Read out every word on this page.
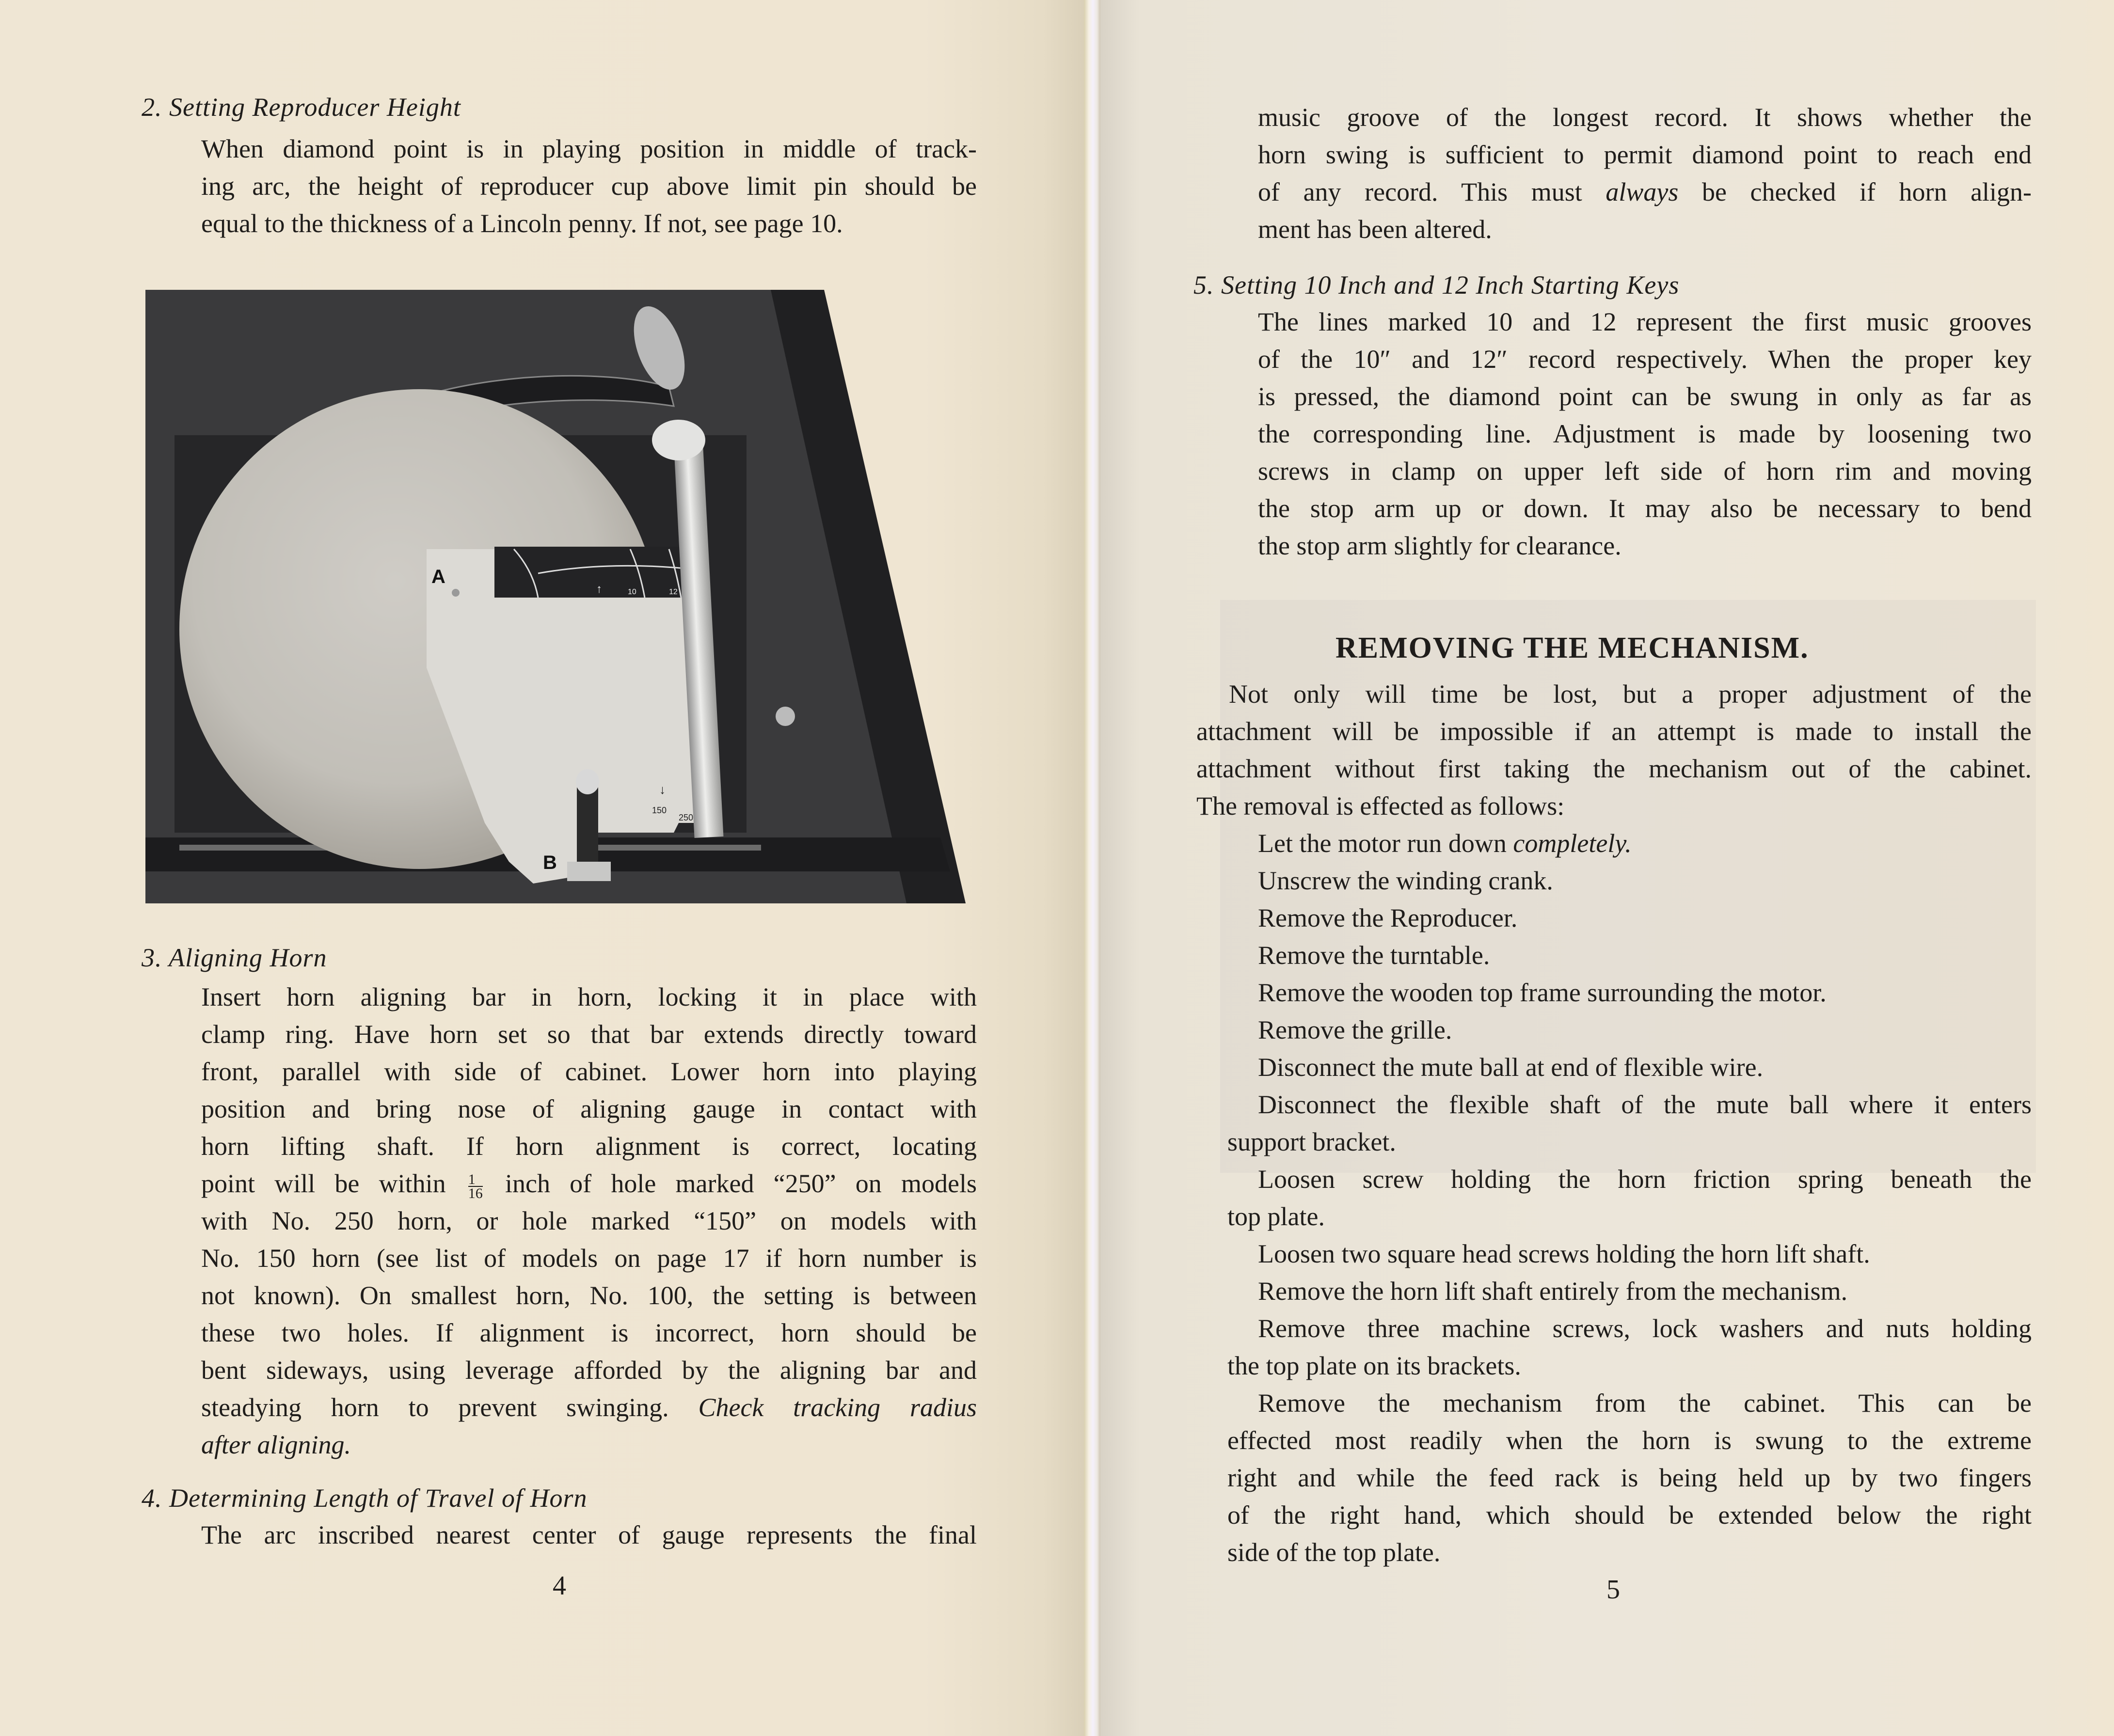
2. Setting Reproducer Height
When diamond point is in playing position in middle of track-
ing arc, the height of reproducer cup above limit pin should be
equal to the thickness of a Lincoln penny. If not, see page 10.
↑	10	12
A
B
150
250
↓
3. Aligning Horn
Insert horn aligning bar in horn, locking it in place with
clamp ring. Have horn set so that bar extends directly toward
front, parallel with side of cabinet. Lower horn into playing
position and bring nose of aligning gauge in contact with
horn lifting shaft. If horn alignment is correct, locating
point will be within $\frac{1}{16}$ inch of hole marked “250” on models
with No. 250 horn, or hole marked “150” on models with
No. 150 horn (see list of models on page 17 if horn number is
not known). On smallest horn, No. 100, the setting is between
these two holes. If alignment is incorrect, horn should be
bent sideways, using leverage afforded by the aligning bar and
steadying horn to prevent swinging. Check tracking radius
after aligning.
4. Determining Length of Travel of Horn
The arc inscribed nearest center of gauge represents the final
4
music groove of the longest record. It shows whether the
horn swing is sufficient to permit diamond point to reach end
of any record. This must always be checked if horn align-
ment has been altered.
5. Setting 10 Inch and 12 Inch Starting Keys
The lines marked 10 and 12 represent the first music grooves
of the 10″ and 12″ record respectively. When the proper key
is pressed, the diamond point can be swung in only as far as
the corresponding line. Adjustment is made by loosening two
screws in clamp on upper left side of horn rim and moving
the stop arm up or down. It may also be necessary to bend
the stop arm slightly for clearance.
REMOVING THE MECHANISM.
Not only will time be lost, but a proper adjustment of the
attachment will be impossible if an attempt is made to install the
attachment without first taking the mechanism out of the cabinet.
The removal is effected as follows:
Let the motor run down completely.
Unscrew the winding crank.
Remove the Reproducer.
Remove the turntable.
Remove the wooden top frame surrounding the motor.
Remove the grille.
Disconnect the mute ball at end of flexible wire.
Disconnect the flexible shaft of the mute ball where it enters
support bracket.
Loosen screw holding the horn friction spring beneath the
top plate.
Loosen two square head screws holding the horn lift shaft.
Remove the horn lift shaft entirely from the mechanism.
Remove three machine screws, lock washers and nuts holding
the top plate on its brackets.
Remove the mechanism from the cabinet. This can be
effected most readily when the horn is swung to the extreme
right and while the feed rack is being held up by two fingers
of the right hand, which should be extended below the right
side of the top plate.
5
